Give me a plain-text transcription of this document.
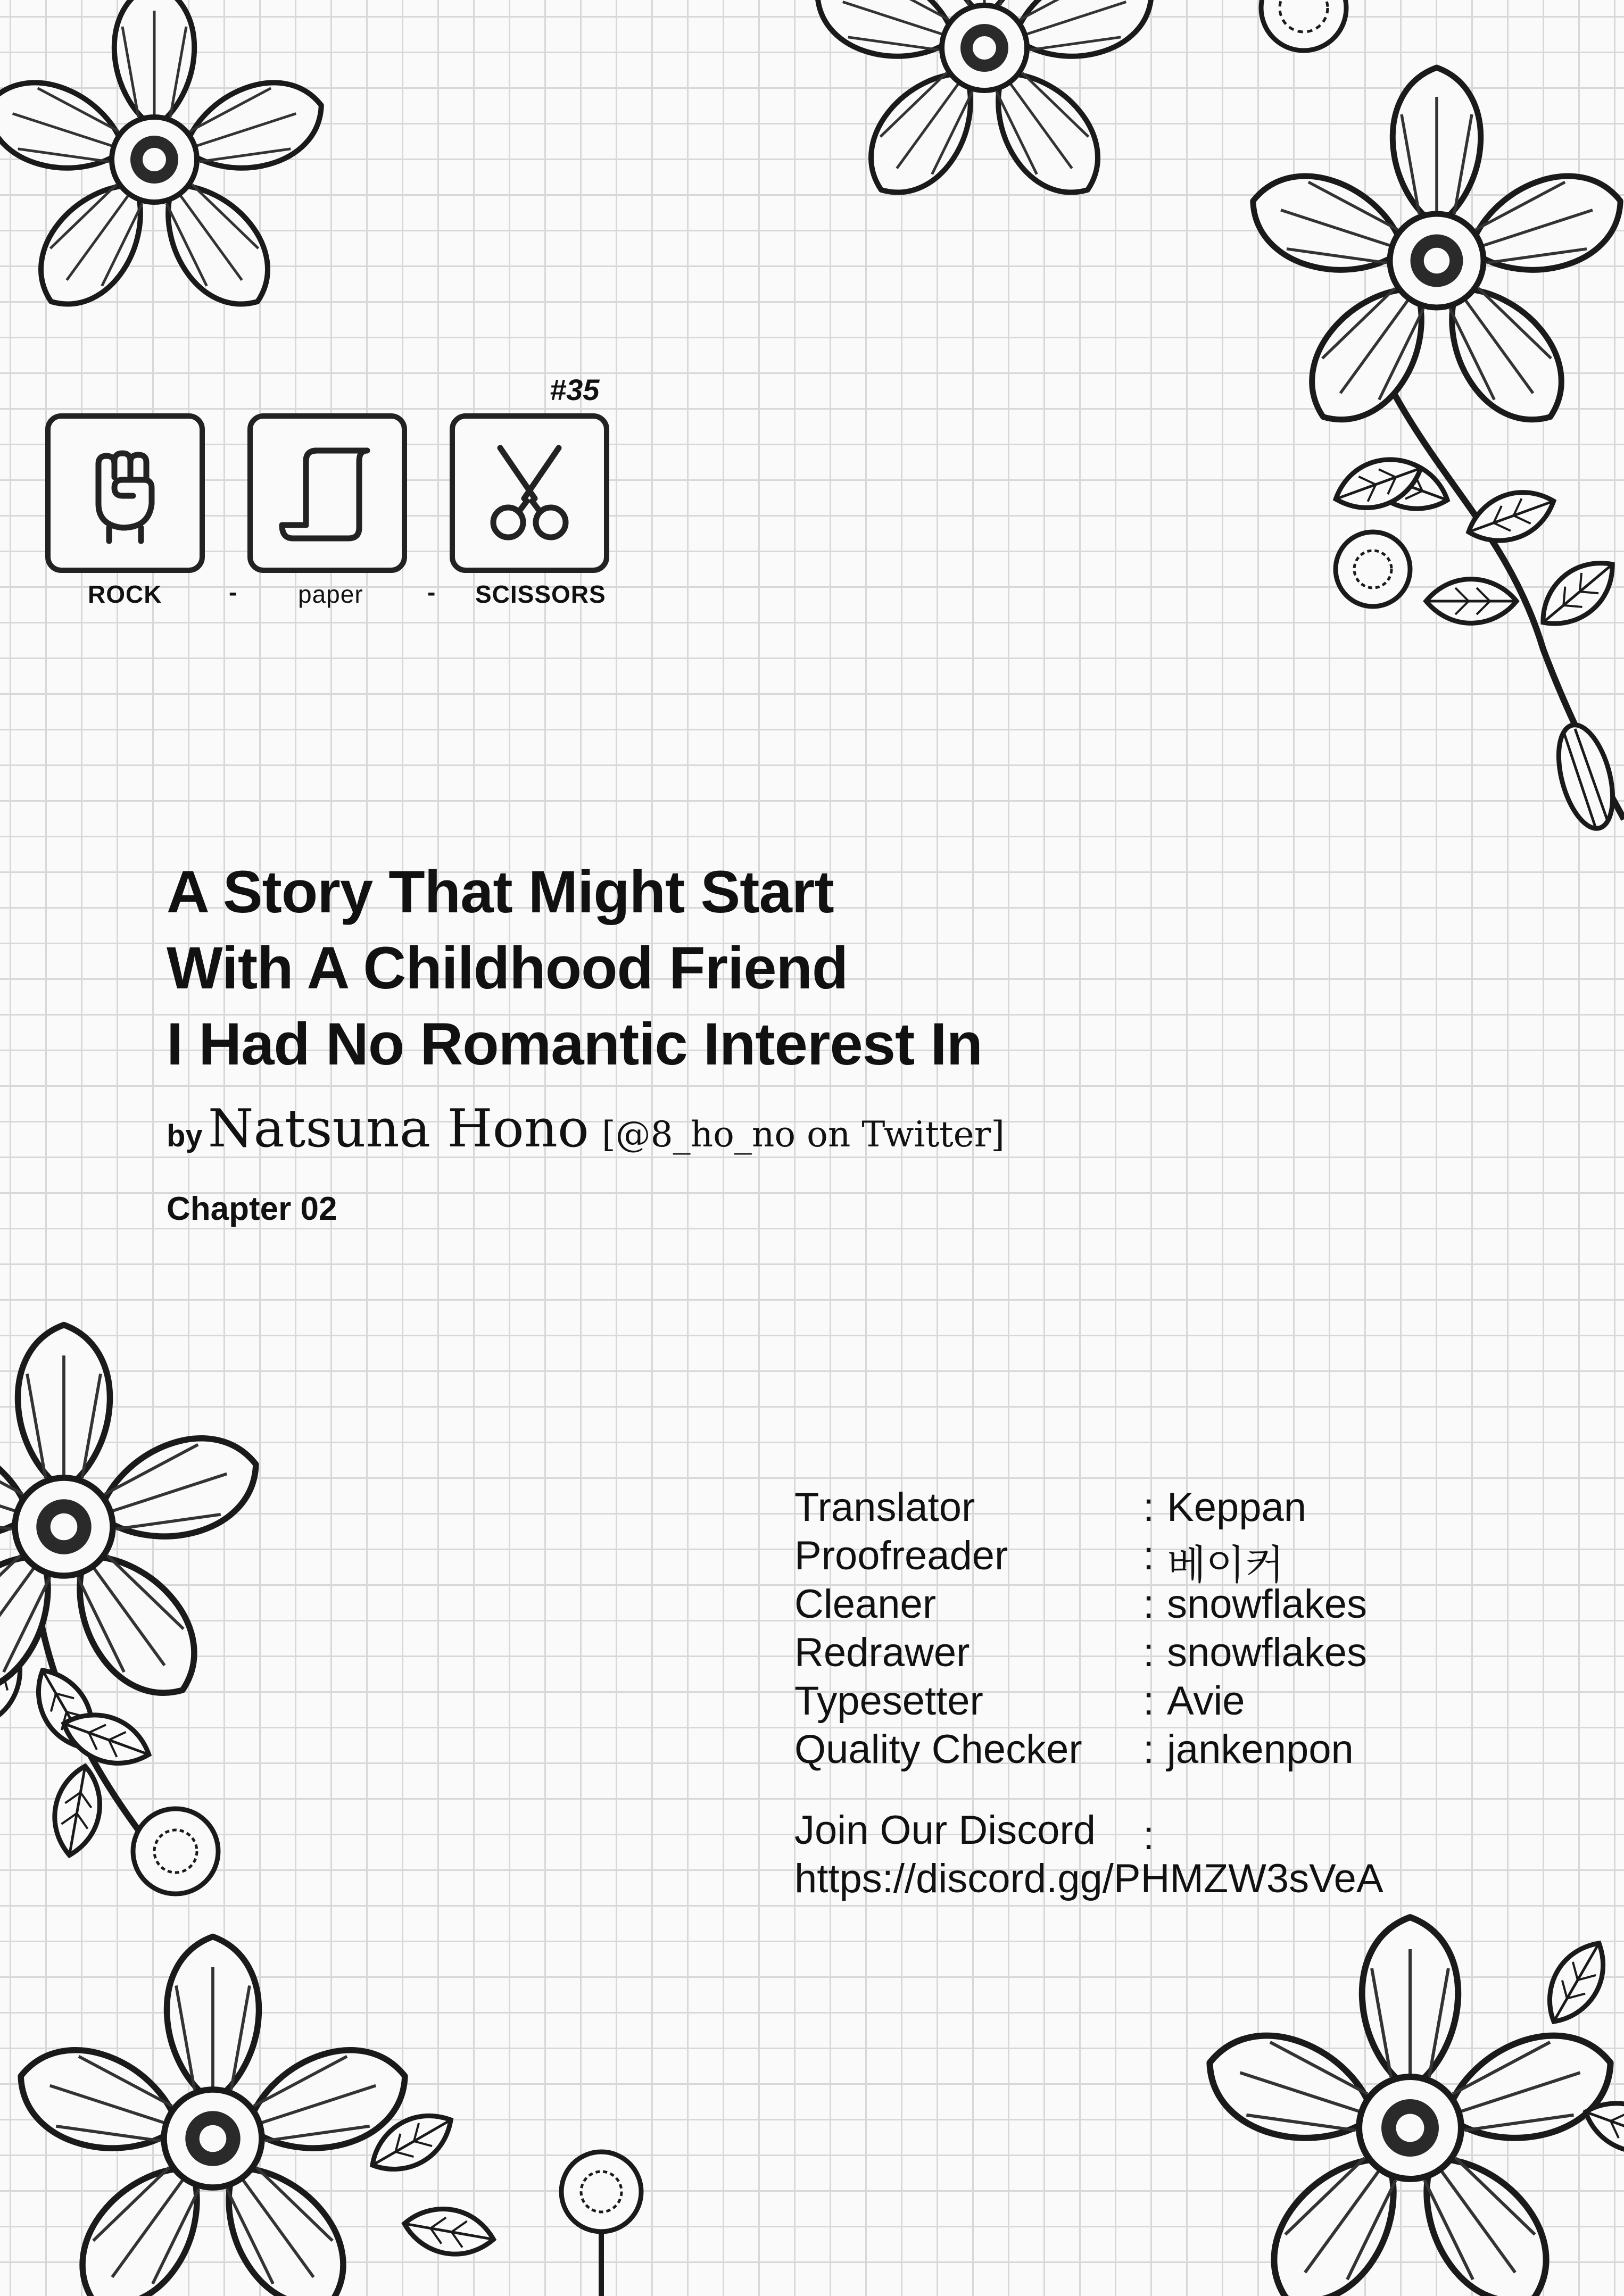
#35
ROCK	- paper	- SCISSORS
A Story That Might Start
With A Childhood Friend
I Had No Romantic Interest In
by Natsuna Hono [@8_ho_no on Twitter]
Chapter 02
Translator	: Keppan
Proofreader	: 베이커
Cleaner	: snowflakes
Redrawer	: snowflakes
Typesetter	: Avie
Quality Checker : jankenpon
Join Our Discord :
https://discord.gg/PHMZW3sVeA
